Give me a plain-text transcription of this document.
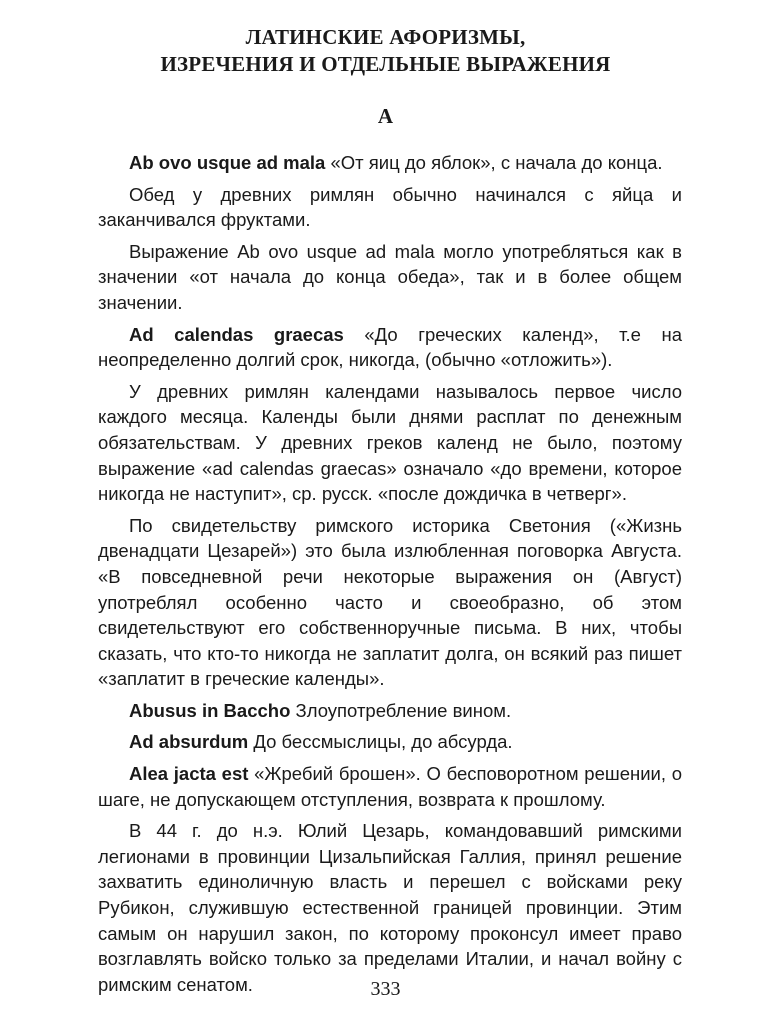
ЛАТИНСКИЕ АФОРИЗМЫ,
ИЗРЕЧЕНИЯ И ОТДЕЛЬНЫЕ ВЫРАЖЕНИЯ
А

Ab ovo usque ad mala «От яиц до яблок», с начала до конца.

Обед у древних римлян обычно начинался с яйца и заканчивался фруктами.

Выражение Ab ovo usque ad mala могло употребляться как в значении «от начала до конца обеда», так и в более общем значении.

Ad calendas graecas «До греческих календ», т.е на неопределенно долгий срок, никогда, (обычно «отложить»).

У древних римлян календами называлось первое число каждого месяца. Календы были днями расплат по денежным обязательствам. У древних греков календ не было, поэтому выражение «ad calendas graecas» означало «до времени, которое никогда не наступит», ср. русск. «после дождичка в четверг».

По свидетельству римского историка Светония («Жизнь двенадцати Цезарей») это была излюбленная поговорка Августа. «В повседневной речи некоторые выражения он (Август) употреблял особенно часто и своеобразно, об этом свидетельствуют его собственноручные письма. В них, чтобы сказать, что кто-то никогда не заплатит долга, он всякий раз пишет «заплатит в греческие календы».

Abusus in Baccho Злоупотребление вином.

Ad absurdum До бессмыслицы, до абсурда.

Alea jacta est «Жребий брошен». О бесповоротном решении, о шаге, не допускающем отступления, возврата к прошлому.

В 44 г. до н.э. Юлий Цезарь, командовавший римскими легионами в провинции Цизальпийская Галлия, принял решение захватить единоличную власть и перешел с войсками реку Рубикон, служившую естественной границей провинции. Этим самым он нарушил закон, по которому проконсул имеет право возглавлять войско только за пределами Италии, и начал войну с римским сенатом.	333
